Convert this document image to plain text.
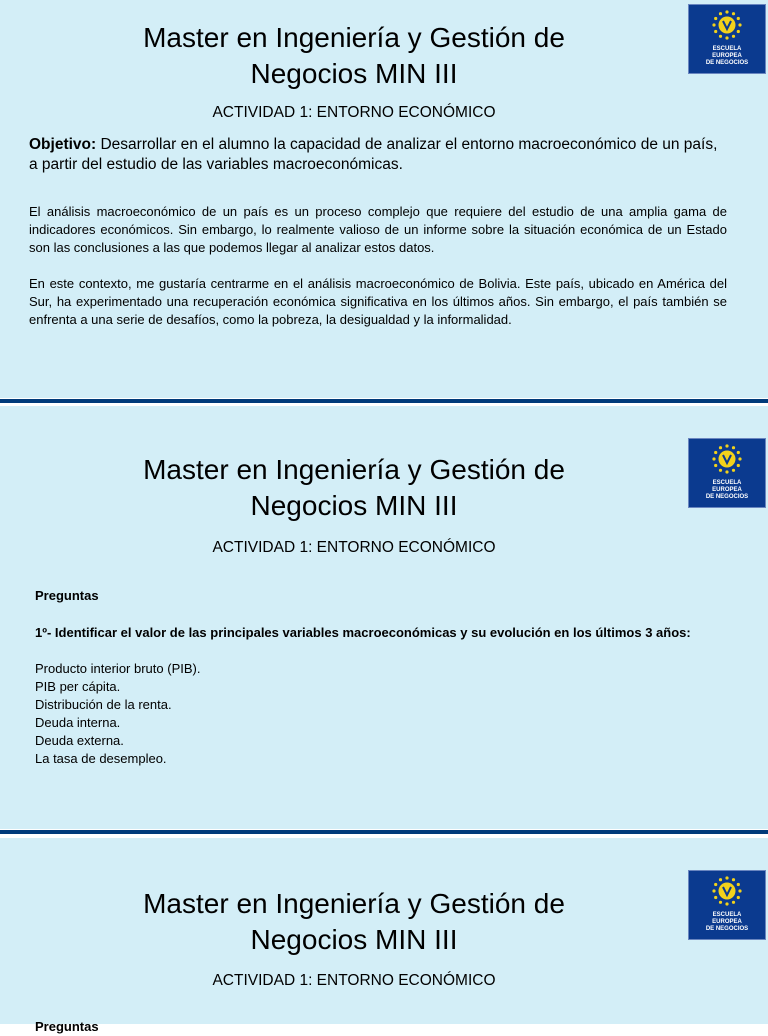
Master en Ingeniería y Gestión de
Negocios MIN III
ACTIVIDAD 1: ENTORNO ECONÓMICO
ESCUELA
EUROPEA
DE NEGOCIOS
Objetivo: Desarrollar en el alumno la capacidad de analizar el entorno macroeconómico de un país, a partir del estudio de las variables macroeconómicas.
El análisis macroeconómico de un país es un proceso complejo que requiere del estudio de una amplia gama de indicadores económicos. Sin embargo, lo realmente valioso de un informe sobre la situación económica de un Estado son las conclusiones a las que podemos llegar al analizar estos datos.
En este contexto, me gustaría centrarme en el análisis macroeconómico de Bolivia. Este país, ubicado en América del Sur, ha experimentado una recuperación económica significativa en los últimos años. Sin embargo, el país también se enfrenta a una serie de desafíos, como la pobreza, la desigualdad y la informalidad.
Master en Ingeniería y Gestión de
Negocios MIN III
ACTIVIDAD 1: ENTORNO ECONÓMICO
ESCUELA
EUROPEA
DE NEGOCIOS
Preguntas
1º- Identificar el valor de las principales variables macroeconómicas y su evolución en los últimos 3 años:
Producto interior bruto (PIB).
PIB per cápita.
Distribución de la renta.
Deuda interna.
Deuda externa.
La tasa de desempleo.
Master en Ingeniería y Gestión de
Negocios MIN III
ACTIVIDAD 1: ENTORNO ECONÓMICO
ESCUELA
EUROPEA
DE NEGOCIOS
Preguntas
